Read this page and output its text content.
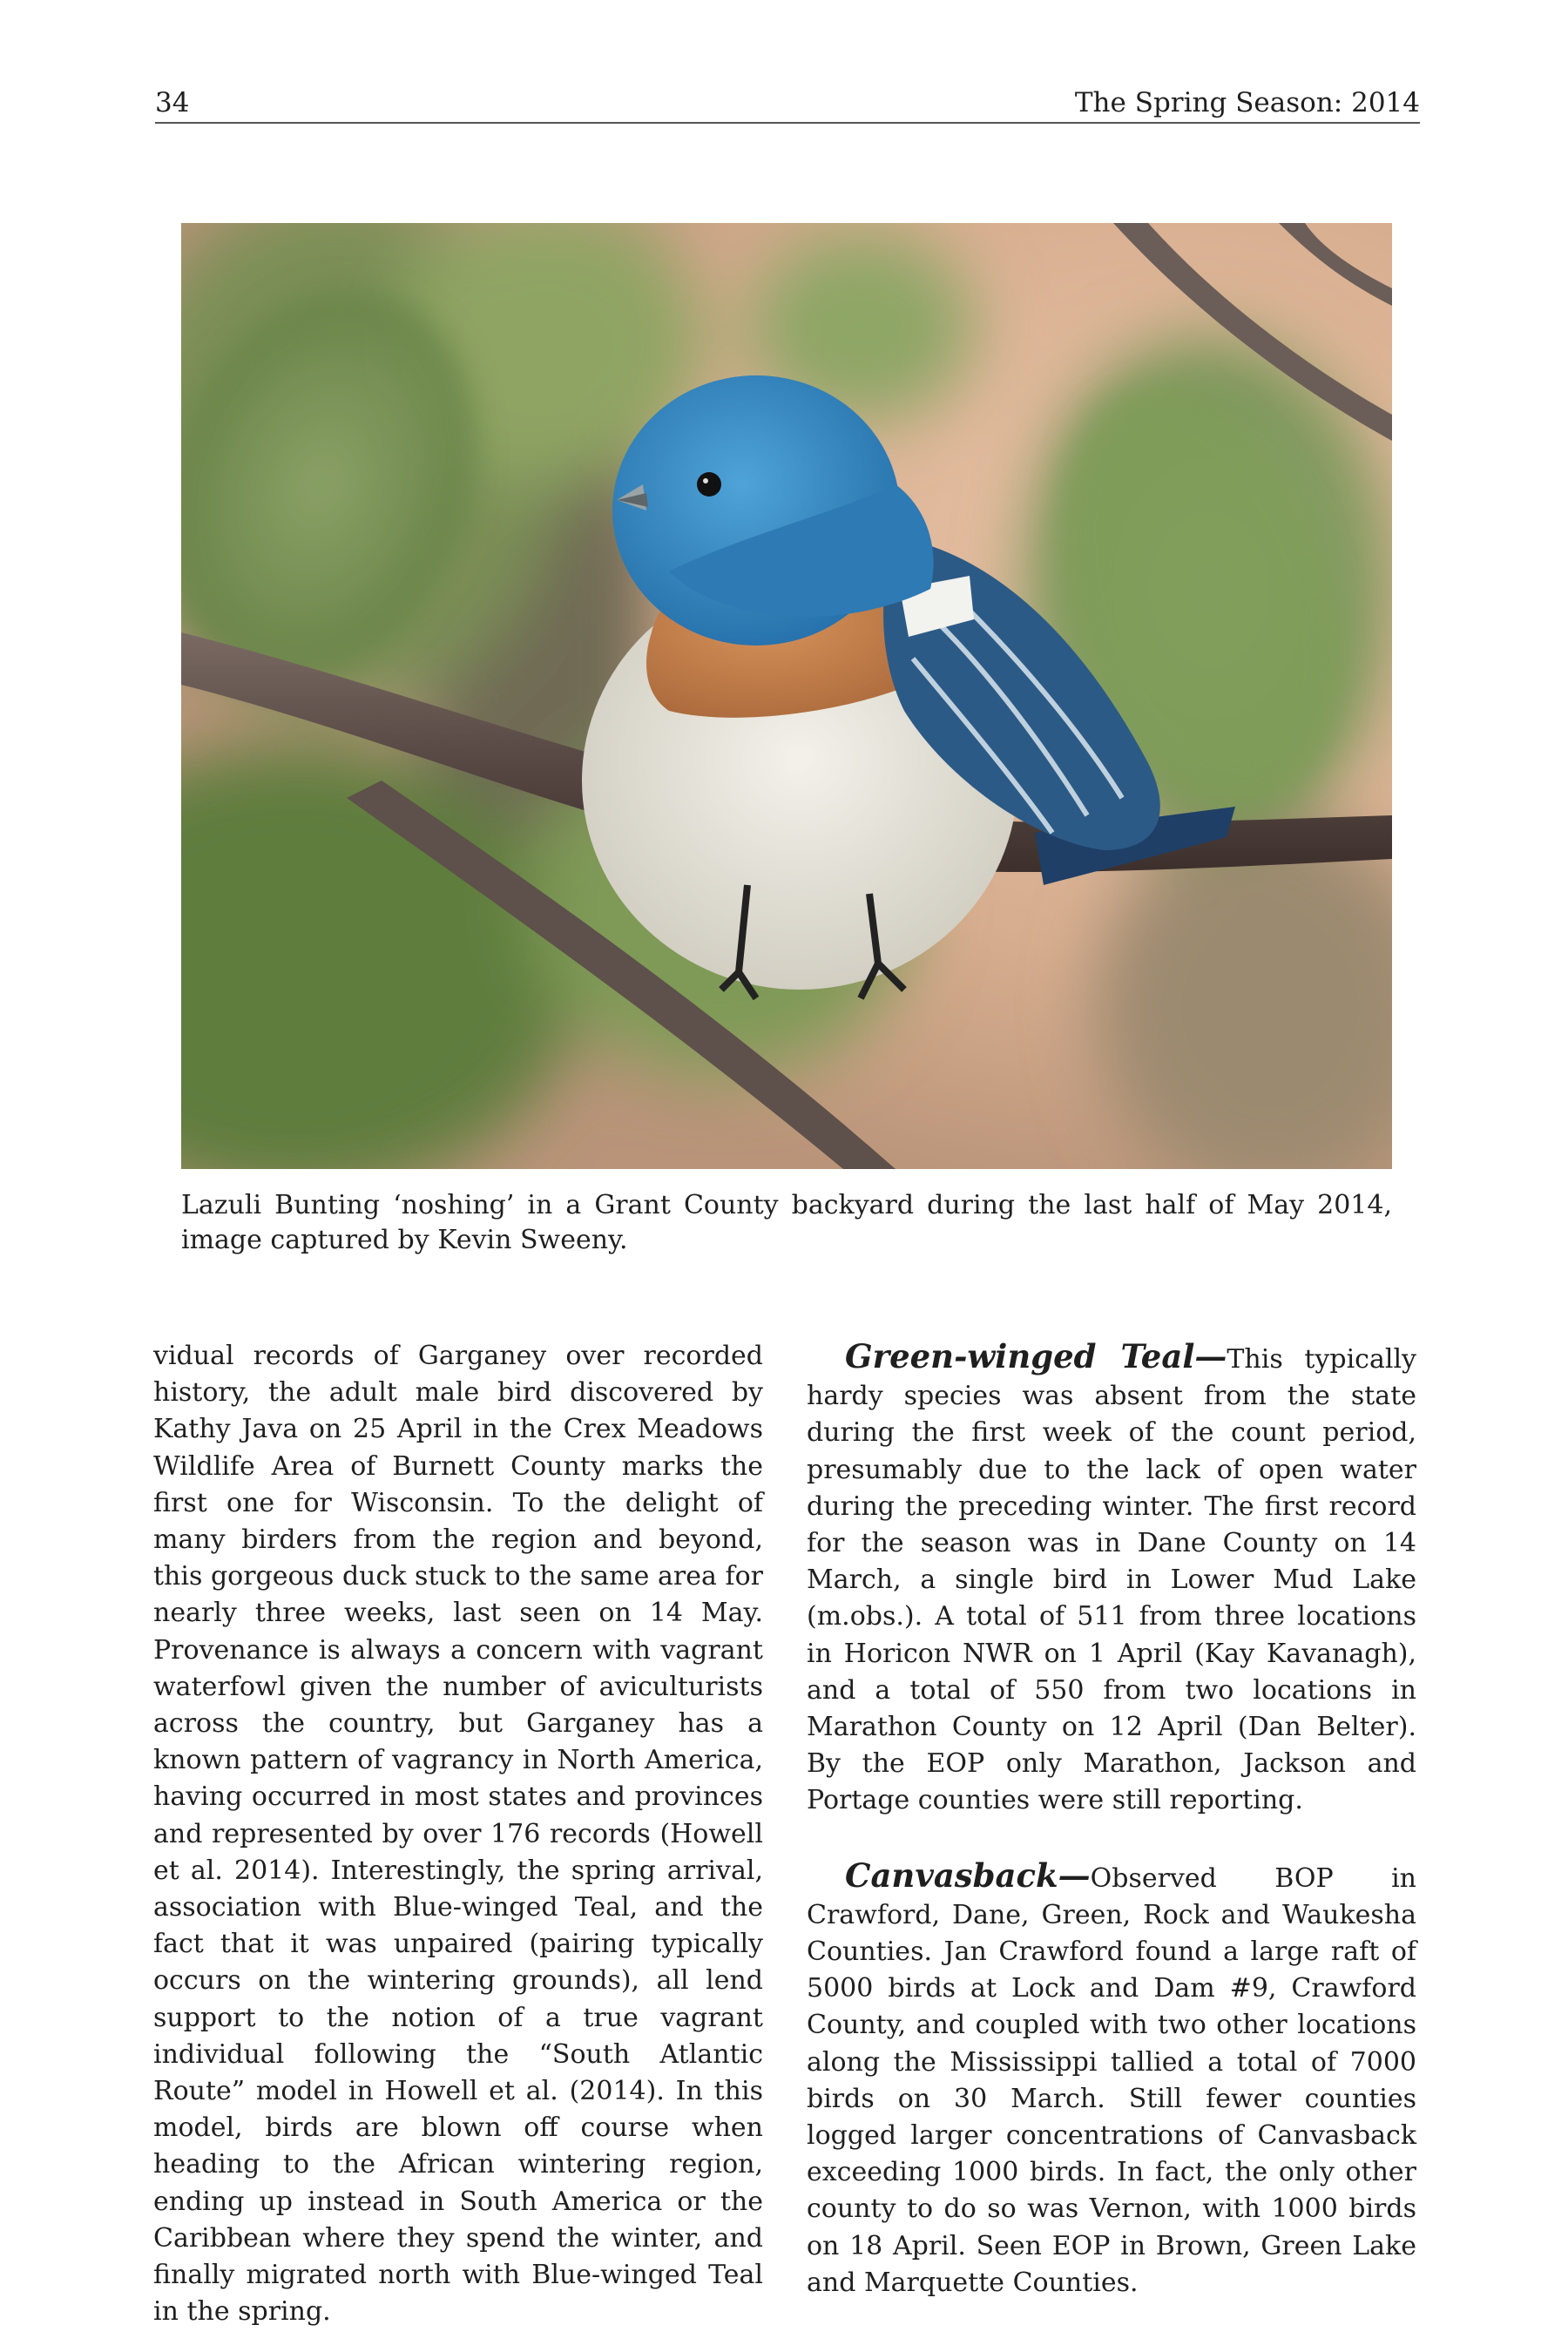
34	The Spring Season: 2014
Lazuli Bunting ‘noshing’ in a Grant County backyard during the last half of May 2014, image captured by Kevin Sweeny.

vidual records of Garganey over recorded history, the adult male bird discovered by Kathy Java on 25 April in the Crex Meadows Wildlife Area of Burnett County marks the first one for Wisconsin. To the delight of many birders from the region and beyond, this gorgeous duck stuck to the same area for nearly three weeks, last seen on 14 May. Provenance is always a concern with vagrant waterfowl given the number of aviculturists across the country, but Garganey has a known pattern of vagrancy in North America, having occurred in most states and provinces and represented by over 176 records (Howell et al. 2014). Interestingly, the spring arrival, association with Blue-winged Teal, and the fact that it was unpaired (pairing typically occurs on the wintering grounds), all lend support to the notion of a true vagrant individual following the “South Atlantic Route” model in Howell et al. (2014). In this model, birds are blown off course when heading to the African wintering region, ending up instead in South America or the Caribbean where they spend the winter, and finally migrated north with Blue-winged Teal in the spring.

Green-winged Teal—This typically hardy species was absent from the state during the first week of the count period, presumably due to the lack of open water during the preceding winter. The first record for the season was in Dane County on 14 March, a single bird in Lower Mud Lake (m.obs.). A total of 511 from three locations in Horicon NWR on 1 April (Kay Kavanagh), and a total of 550 from two locations in Marathon County on 12 April (Dan Belter). By the EOP only Marathon, Jackson and Portage counties were still reporting.

Canvasback—Observed BOP in Crawford, Dane, Green, Rock and Waukesha Counties. Jan Crawford found a large raft of 5000 birds at Lock and Dam #9, Crawford County, and coupled with two other locations along the Mississippi tallied a total of 7000 birds on 30 March. Still fewer counties logged larger concentrations of Canvasback exceeding 1000 birds. In fact, the only other county to do so was Vernon, with 1000 birds on 18 April. Seen EOP in Brown, Green Lake and Marquette Counties.
